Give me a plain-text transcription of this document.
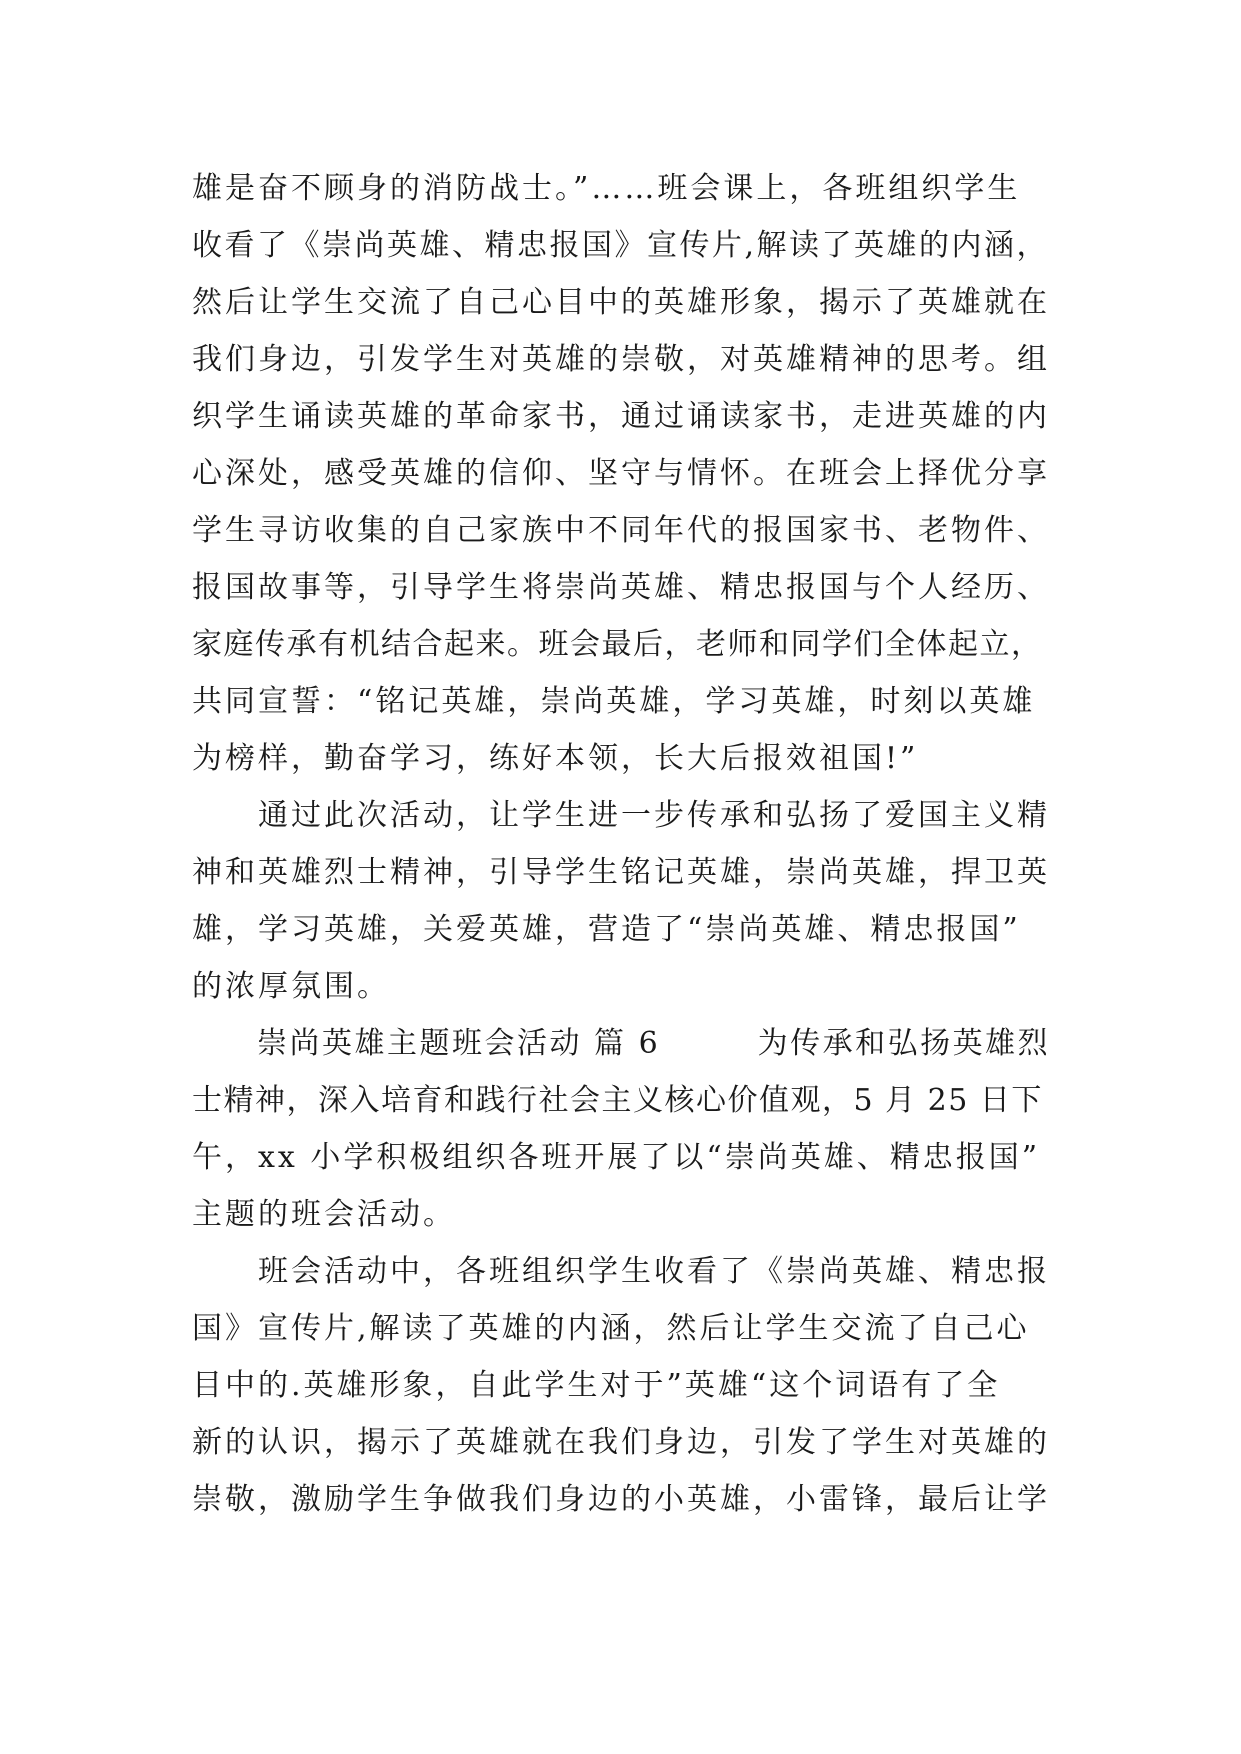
雄是奋不顾身的消防战士。”……班会课上，各班组织学生
收看了《崇尚英雄、精忠报国》宣传片,解读了英雄的内涵，
然后让学生交流了自己心目中的英雄形象，揭示了英雄就在
我们身边，引发学生对英雄的崇敬，对英雄精神的思考。组
织学生诵读英雄的革命家书，通过诵读家书，走进英雄的内
心深处，感受英雄的信仰、坚守与情怀。在班会上择优分享
学生寻访收集的自己家族中不同年代的报国家书、老物件、
报国故事等，引导学生将崇尚英雄、精忠报国与个人经历、
家庭传承有机结合起来。班会最后，老师和同学们全体起立，
共同宣誓：“铭记英雄，崇尚英雄，学习英雄，时刻以英雄
为榜样，勤奋学习，练好本领，长大后报效祖国!”
　　通过此次活动，让学生进一步传承和弘扬了爱国主义精
神和英雄烈士精神，引导学生铭记英雄，崇尚英雄，捍卫英
雄，学习英雄，关爱英雄，营造了“崇尚英雄、精忠报国”
的浓厚氛围。
　　崇尚英雄主题班会活动 篇 6　　　为传承和弘扬英雄烈
士精神，深入培育和践行社会主义核心价值观，5 月 25 日下
午，xx 小学积极组织各班开展了以“崇尚英雄、精忠报国”
主题的班会活动。
　　班会活动中，各班组织学生收看了《崇尚英雄、精忠报
国》宣传片,解读了英雄的内涵，然后让学生交流了自己心
目中的.英雄形象，自此学生对于”英雄“这个词语有了全
新的认识，揭示了英雄就在我们身边，引发了学生对英雄的
崇敬，激励学生争做我们身边的小英雄，小雷锋，最后让学
